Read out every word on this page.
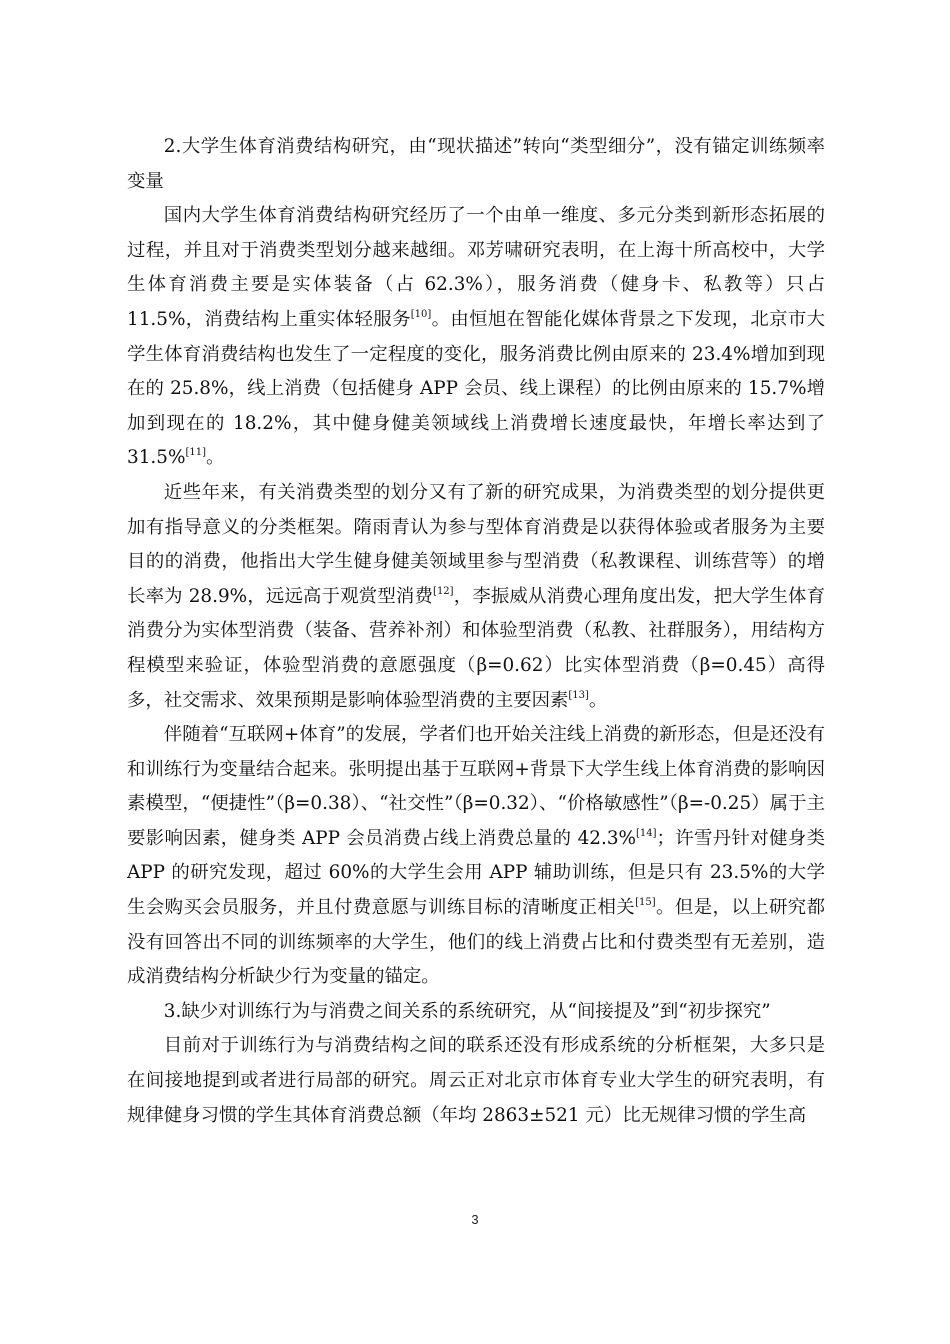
2.大学生体育消费结构研究，由“现状描述”转向“类型细分”，没有锚定训练频率变量

国内大学生体育消费结构研究经历了一个由单一维度、多元分类到新形态拓展的过程，并且对于消费类型划分越来越细。邓芳啸研究表明，在上海十所高校中，大学生体育消费主要是实体装备（占 62.3%），服务消费（健身卡、私教等）只占 11.5%，消费结构上重实体轻服务[10]。由恒旭在智能化媒体背景之下发现，北京市大学生体育消费结构也发生了一定程度的变化，服务消费比例由原来的 23.4%增加到现在的 25.8%，线上消费（包括健身 APP 会员、线上课程）的比例由原来的 15.7%增加到现在的 18.2%，其中健身健美领域线上消费增长速度最快，年增长率达到了 31.5%[11]。

近些年来，有关消费类型的划分又有了新的研究成果，为消费类型的划分提供更加有指导意义的分类框架。隋雨青认为参与型体育消费是以获得体验或者服务为主要目的的消费，他指出大学生健身健美领域里参与型消费（私教课程、训练营等）的增长率为 28.9%，远远高于观赏型消费[12]，李振威从消费心理角度出发，把大学生体育消费分为实体型消费（装备、营养补剂）和体验型消费（私教、社群服务），用结构方程模型来验证，体验型消费的意愿强度（β=0.62）比实体型消费（β=0.45）高得多，社交需求、效果预期是影响体验型消费的主要因素[13]。

伴随着“互联网+体育”的发展，学者们也开始关注线上消费的新形态，但是还没有和训练行为变量结合起来。张明提出基于互联网+背景下大学生线上体育消费的影响因素模型，“便捷性”（β=0.38）、“社交性”（β=0.32）、“价格敏感性”（β=-0.25）属于主要影响因素，健身类 APP 会员消费占线上消费总量的 42.3%[14]；许雪丹针对健身类 APP 的研究发现，超过 60%的大学生会用 APP 辅助训练，但是只有 23.5%的大学生会购买会员服务，并且付费意愿与训练目标的清晰度正相关[15]。但是，以上研究都没有回答出不同的训练频率的大学生，他们的线上消费占比和付费类型有无差别，造成消费结构分析缺少行为变量的锚定。

3.缺少对训练行为与消费之间关系的系统研究，从“间接提及”到“初步探究”

目前对于训练行为与消费结构之间的联系还没有形成系统的分析框架，大多只是在间接地提到或者进行局部的研究。周云正对北京市体育专业大学生的研究表明，有规律健身习惯的学生其体育消费总额（年均 2863±521 元）比无规律习惯的学生高

3
